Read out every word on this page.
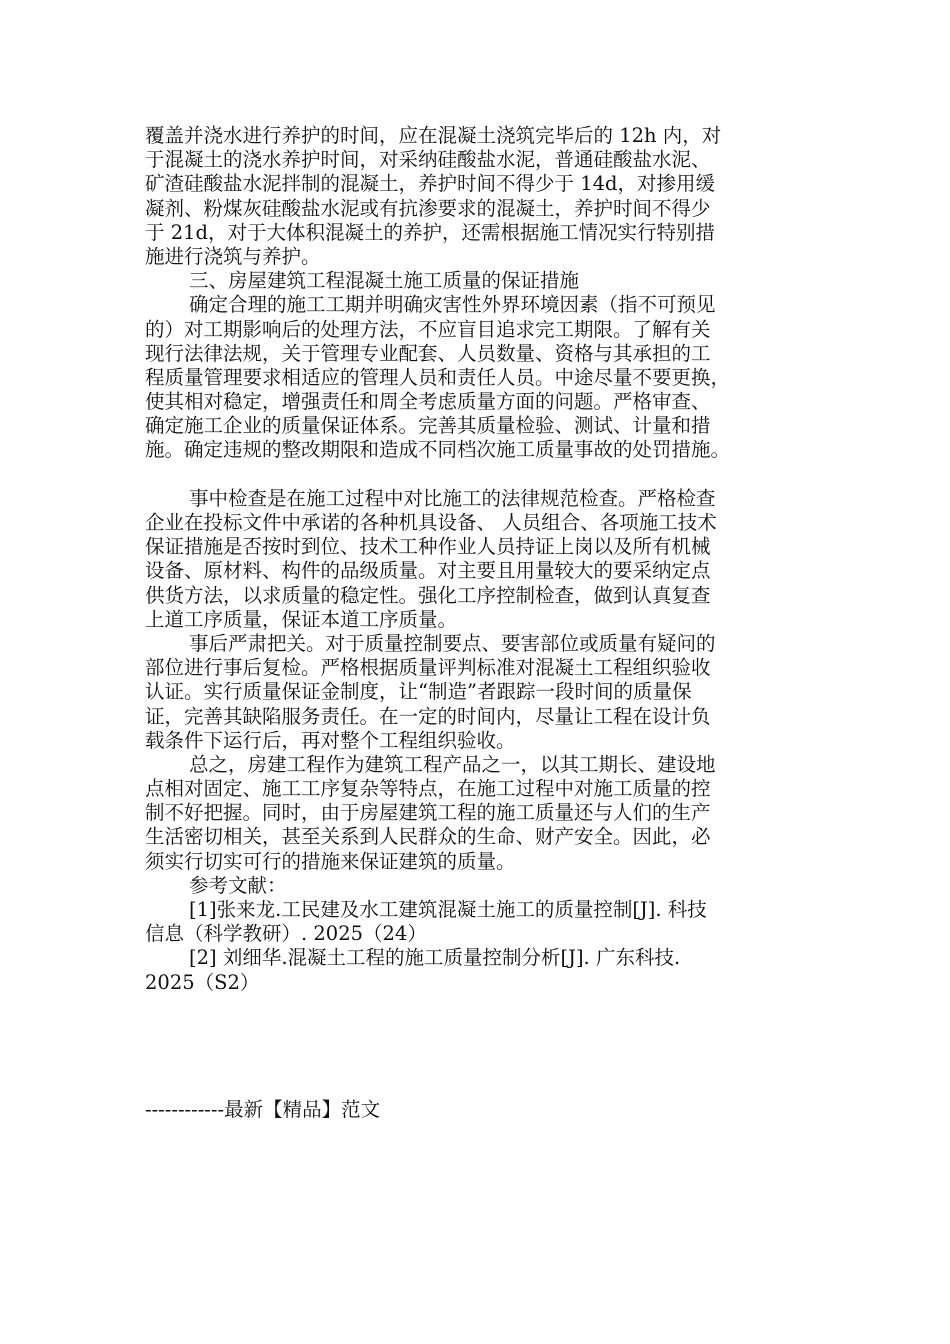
覆盖并浇水进行养护的时间，应在混凝土浇筑完毕后的 12h 内，对
于混凝土的浇水养护时间，对采纳硅酸盐水泥，普通硅酸盐水泥、
矿渣硅酸盐水泥拌制的混凝土，养护时间不得少于 14d，对掺用缓
凝剂、粉煤灰硅酸盐水泥或有抗渗要求的混凝土，养护时间不得少
于 21d，对于大体积混凝土的养护，还需根据施工情况实行特别措
施进行浇筑与养护。
三、房屋建筑工程混凝土施工质量的保证措施
确定合理的施工工期并明确灾害性外界环境因素（指不可预见
的）对工期影响后的处理方法，不应盲目追求完工期限。了解有关
现行法律法规，关于管理专业配套、人员数量、资格与其承担的工
程质量管理要求相适应的管理人员和责任人员。中途尽量不要更换，
使其相对稳定，增强责任和周全考虑质量方面的问题。严格审查、
确定施工企业的质量保证体系。完善其质量检验、测试、计量和措
施。确定违规的整改期限和造成不同档次施工质量事故的处罚措施。
事中检查是在施工过程中对比施工的法律规范检查。严格检查
企业在投标文件中承诺的各种机具设备、 人员组合、各项施工技术
保证措施是否按时到位、技术工种作业人员持证上岗以及所有机械
设备、原材料、构件的品级质量。对主要且用量较大的要采纳定点
供货方法，以求质量的稳定性。强化工序控制检查，做到认真复查
上道工序质量，保证本道工序质量。
事后严肃把关。对于质量控制要点、要害部位或质量有疑问的
部位进行事后复检。严格根据质量评判标准对混凝土工程组织验收
认证。实行质量保证金制度，让“制造”者跟踪一段时间的质量保
证，完善其缺陷服务责任。在一定的时间内，尽量让工程在设计负
载条件下运行后，再对整个工程组织验收。
总之，房建工程作为建筑工程产品之一，以其工期长、建设地
点相对固定、施工工序复杂等特点，在施工过程中对施工质量的控
制不好把握。同时，由于房屋建筑工程的施工质量还与人们的生产
生活密切相关，甚至关系到人民群众的生命、财产安全。因此，必
须实行切实可行的措施来保证建筑的质量。
参考文献：
[1]张来龙.工民建及水工建筑混凝土施工的质量控制[J]. 科技
信息（科学教研）. 2025（24）
[2] 刘细华.混凝土工程的施工质量控制分析[J]. 广东科技.
2025（S2）
------------最新【精品】范文
